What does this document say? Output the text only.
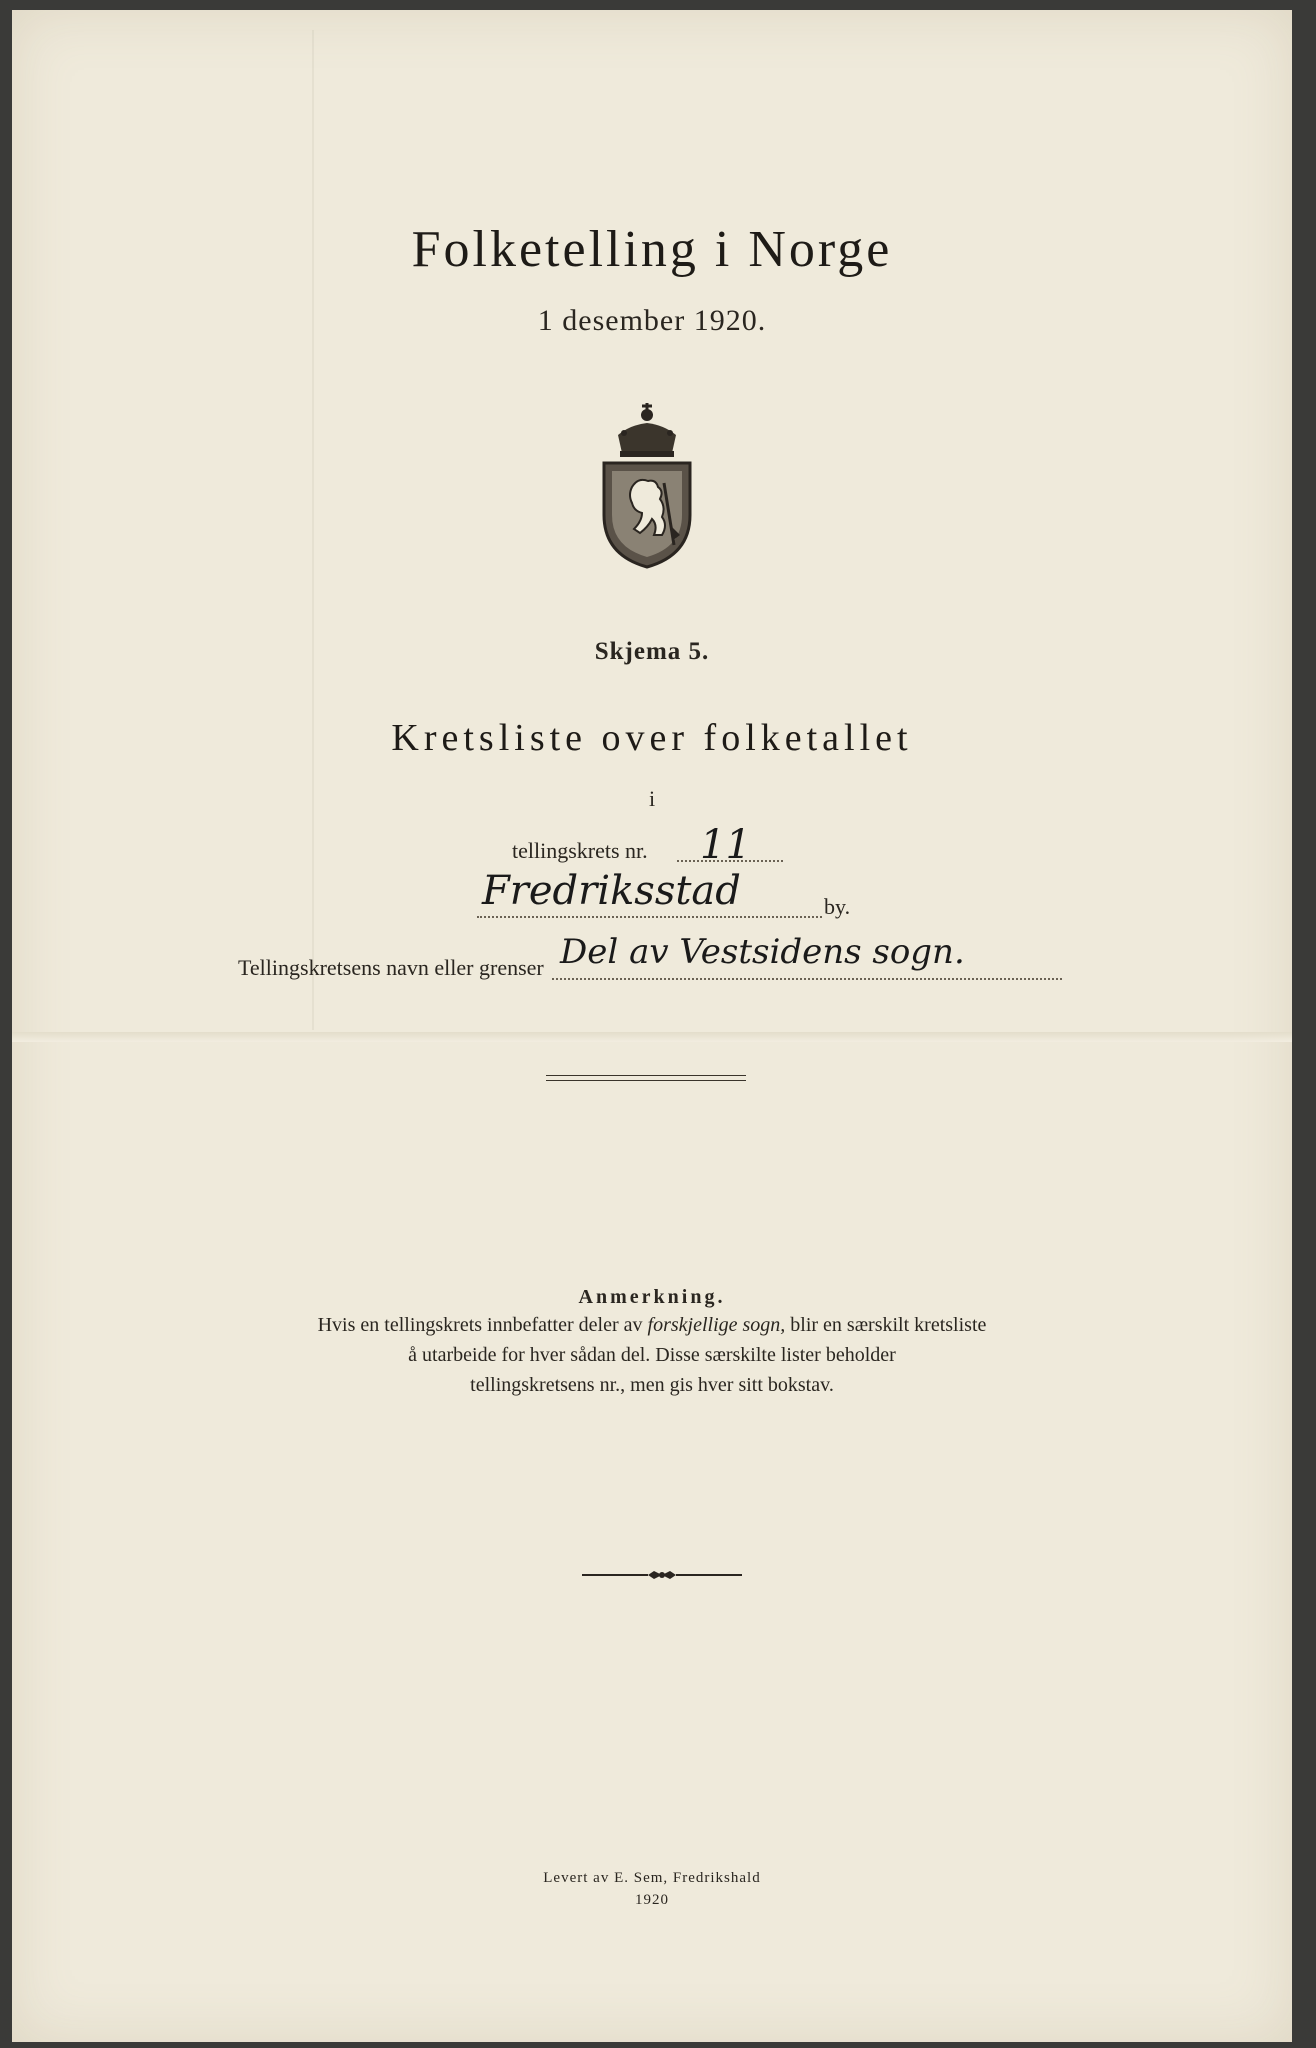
Folketelling i Norge
1 desember 1920.
Skjema 5.
Kretsliste over folketallet
i
tellingskrets nr. 11
Fredriksstad	by.
Tellingskretsens navn eller grenser Del av Vestsidens sogn.
Anmerkning.
Hvis en tellingskrets innbefatter deler av forskjellige sogn, blir en særskilt kretsliste
å utarbeide for hver sådan del. Disse særskilte lister beholder
tellingskretsens nr., men gis hver sitt bokstav.
Levert av E. Sem, Fredrikshald
1920
